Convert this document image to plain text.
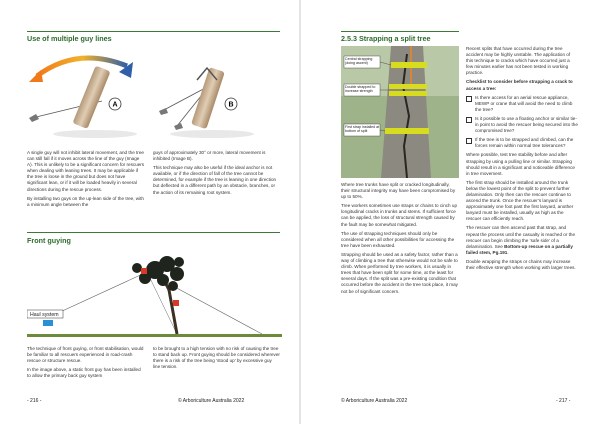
Use of multiple guy lines
A	B

A single guy will not inhibit lateral movement, and the tree can still fall if it moves across the line of the guy (Image A). This is unlikely to be a significant concern for rescuers when dealing with leaning trees. It may be applicable if the tree is loose in the ground but does not have significant lean, or if it will be loaded heavily in several directions during the rescue process.

By installing two guys on the up-lean side of the tree, with a minimum angle between the

guys of approximately 30° or more, lateral movement is inhibited (Image B).

This technique may also be useful if the ideal anchor is not available, or if the direction of fall of the tree cannot be determined, for example if the tree is leaning in one direction but deflected in a different path by an obstacle, branches, or the action of its remaining root system.

Front guying
Haul system

The technique of front guying, or front stabilisation, would be familiar to all rescuers experienced in road-crash rescue or structure rescue.

In the image above, a static front guy has been installed to allow the primary back guy system

to be brought to a high tension with no risk of causing the tree to stand back up. Front guying should be considered wherever there is a risk of the tree being ‘stood up’ by excessive guy line tension.

- 216 -	© Arboriculture Australia 2022
2.5.3 Strapping a split tree
Central strapping (doing ascent)
Double strapped to increase strength
First strap installed at bottom of split

Where tree trunks have split or cracked longitudinally, their structural integrity may have been compromised by up to 50%.

Tree workers sometimes use straps or chains to cinch up longitudinal cracks in trunks and stems. If sufficient force can be applied, the loss of structural strength caused by the fault may be somewhat mitigated.

The use of strapping techniques should only be considered when all other possibilities for accessing the tree have been exhausted.

Strapping should be used as a safety factor, rather than a way of climbing a tree that otherwise would not be safe to climb. When performed by tree workers, it is usually in trees that have been split for some time, at the least for several days. If the split was a pre-existing condition that occurred before the accident in the tree took place, it may not be of significant concern.

Recent splits that have occurred during the tree accident may be highly unstable. The application of this technique to cracks which have occurred just a few minutes earlier has not been tested in working practice.

Checklist to consider before strapping a crack to access a tree:

Is there access for an aerial rescue appliance, MEWP or crane that will avoid the need to climb the tree?
Is it possible to use a floating anchor or similar tie-in point to avoid the rescuer being secured into the compromised tree?
If the tree is to be strapped and climbed, can the forces remain within normal tree tolerances?

Where possible, test tree stability before and after strapping by using a pulling line or similar. Strapping should result in a significant and noticeable difference in tree movement.

The first strap should be installed around the trunk below the lowest point of the split to prevent further delamination. Only then can the rescuer continue to ascend the trunk. Once the rescuer’s lanyard is approximately one foot past the first lanyard, another lanyard must be installed, usually as high as the rescuer can efficiently reach.

The rescuer can then ascend past that strap, and repeat the process until the casualty is reached or the rescuer can begin climbing the ‘safe side’ of a delamination. See Bottom-up rescue on a partially failed stem, Pg.191.

Double wrapping the straps or chains may increase their effective strength when working with larger trees.

© Arboriculture Australia 2022	- 217 -
